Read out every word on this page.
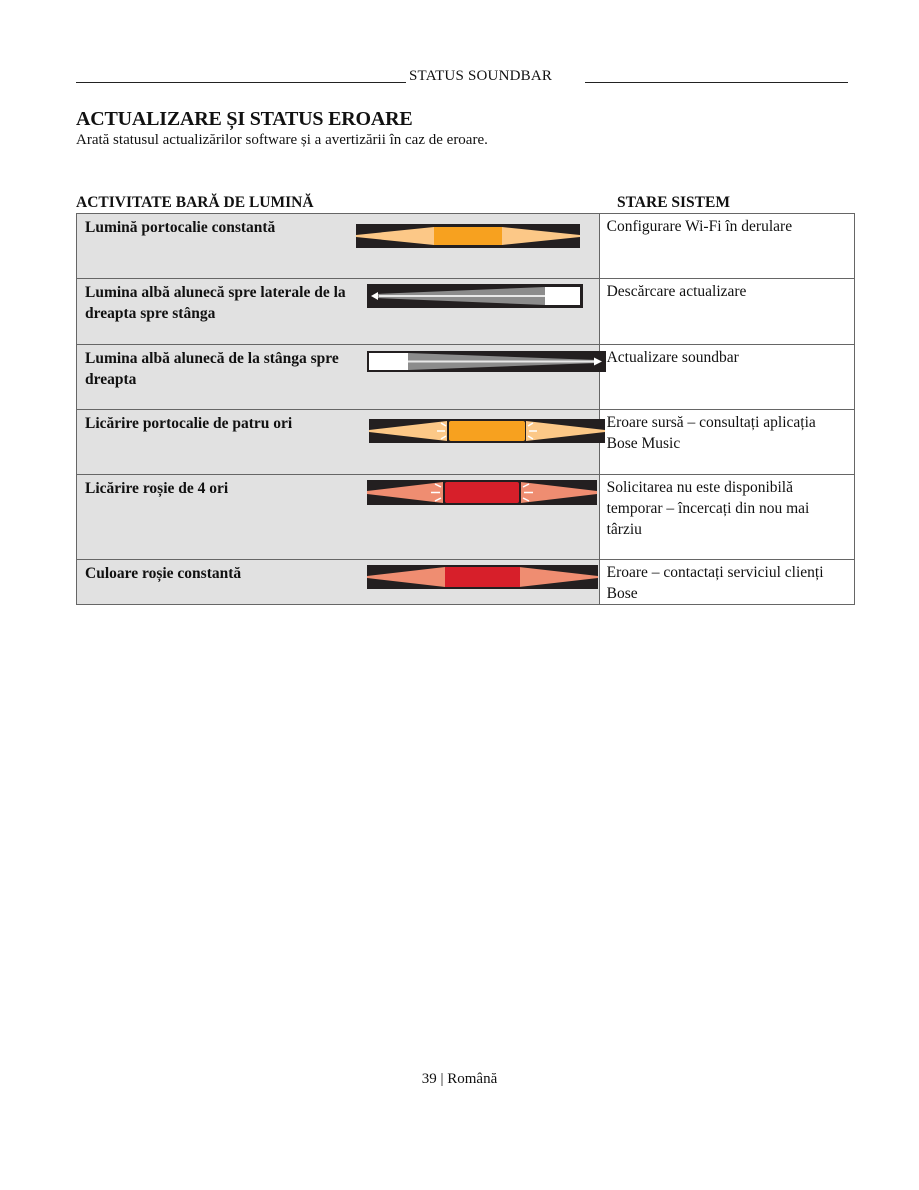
STATUS SOUNDBAR
ACTUALIZARE ȘI STATUS EROARE
Arată statusul actualizărilor software și a avertizării în caz de eroare.
ACTIVITATE BARĂ DE LUMINĂ	STARE SISTEM
Lumină portocalie constantă	Configurare Wi-Fi în derulare

Lumina albă alunecă spre laterale de la dreapta spre stânga	Descărcare actualizare

Lumina albă alunecă de la stânga spre dreapta	Actualizare soundbar

Licărire portocalie de patru ori	Eroare sursă – consultați aplicația Bose Music

Licărire roșie de 4 ori	Solicitarea nu este disponibilă temporar – încercați din nou mai târziu

Culoare roșie constantă	Eroare – contactați serviciul clienți Bose
39 | Română
